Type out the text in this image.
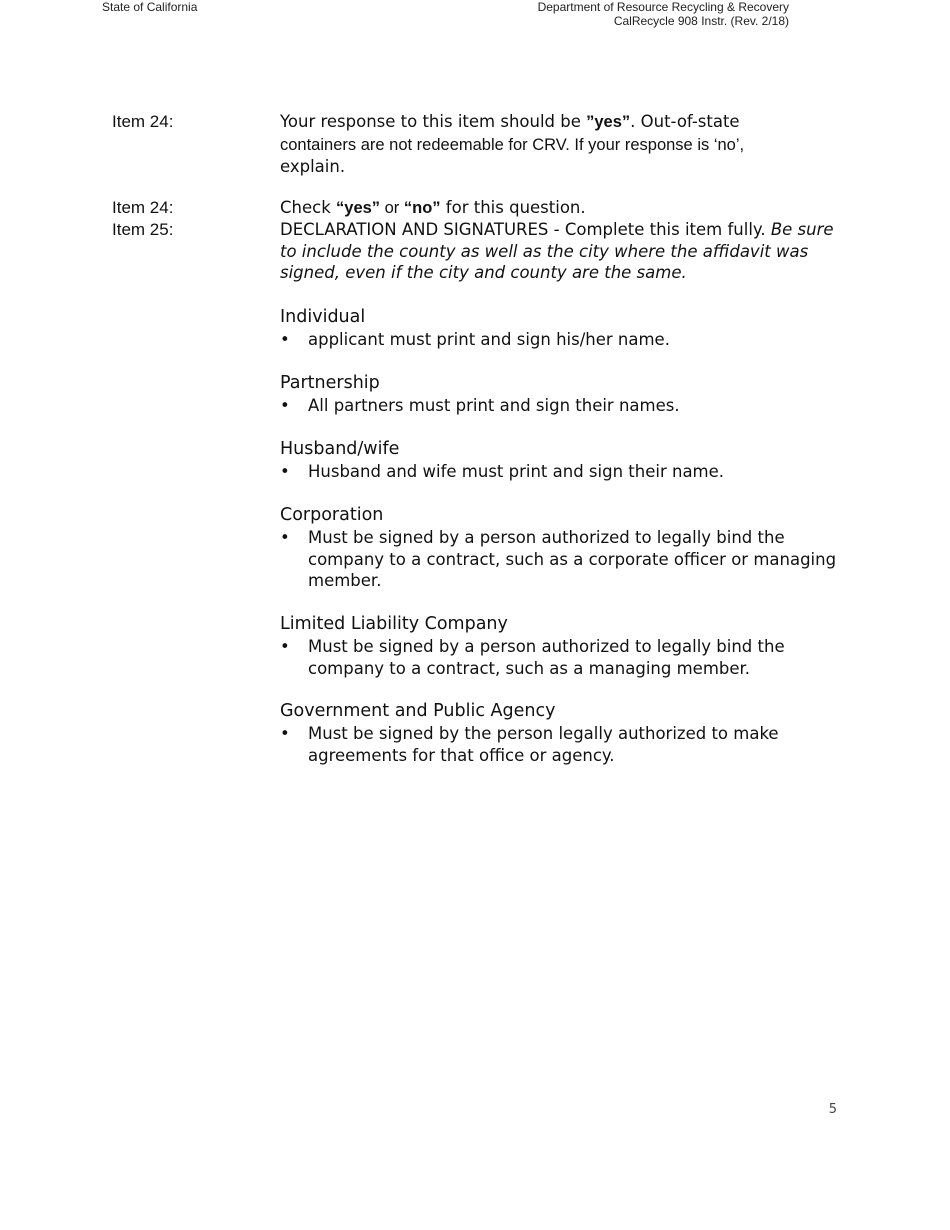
State of California	Department of Resource Recycling & Recovery
CalRecycle 908 Instr. (Rev. 2/18)
Item 24:	Your response to this item should be ”yes”. Out-of-state
containers are not redeemable for CRV. If your response is ‘no’,
explain.
Item 24:	Check “yes” or “no” for this question.
Item 25:	DECLARATION AND SIGNATURES - Complete this item fully. Be sure to include the county as well as the city where the affidavit was signed, even if the city and county are the same.
Individual
• applicant must print and sign his/her name.
Partnership
• All partners must print and sign their names.
Husband/wife
• Husband and wife must print and sign their name.
Corporation
• Must be signed by a person authorized to legally bind the company to a contract, such as a corporate officer or managing member.
Limited Liability Company
• Must be signed by a person authorized to legally bind the company to a contract, such as a managing member.
Government and Public Agency
• Must be signed by the person legally authorized to make agreements for that office or agency.
5
